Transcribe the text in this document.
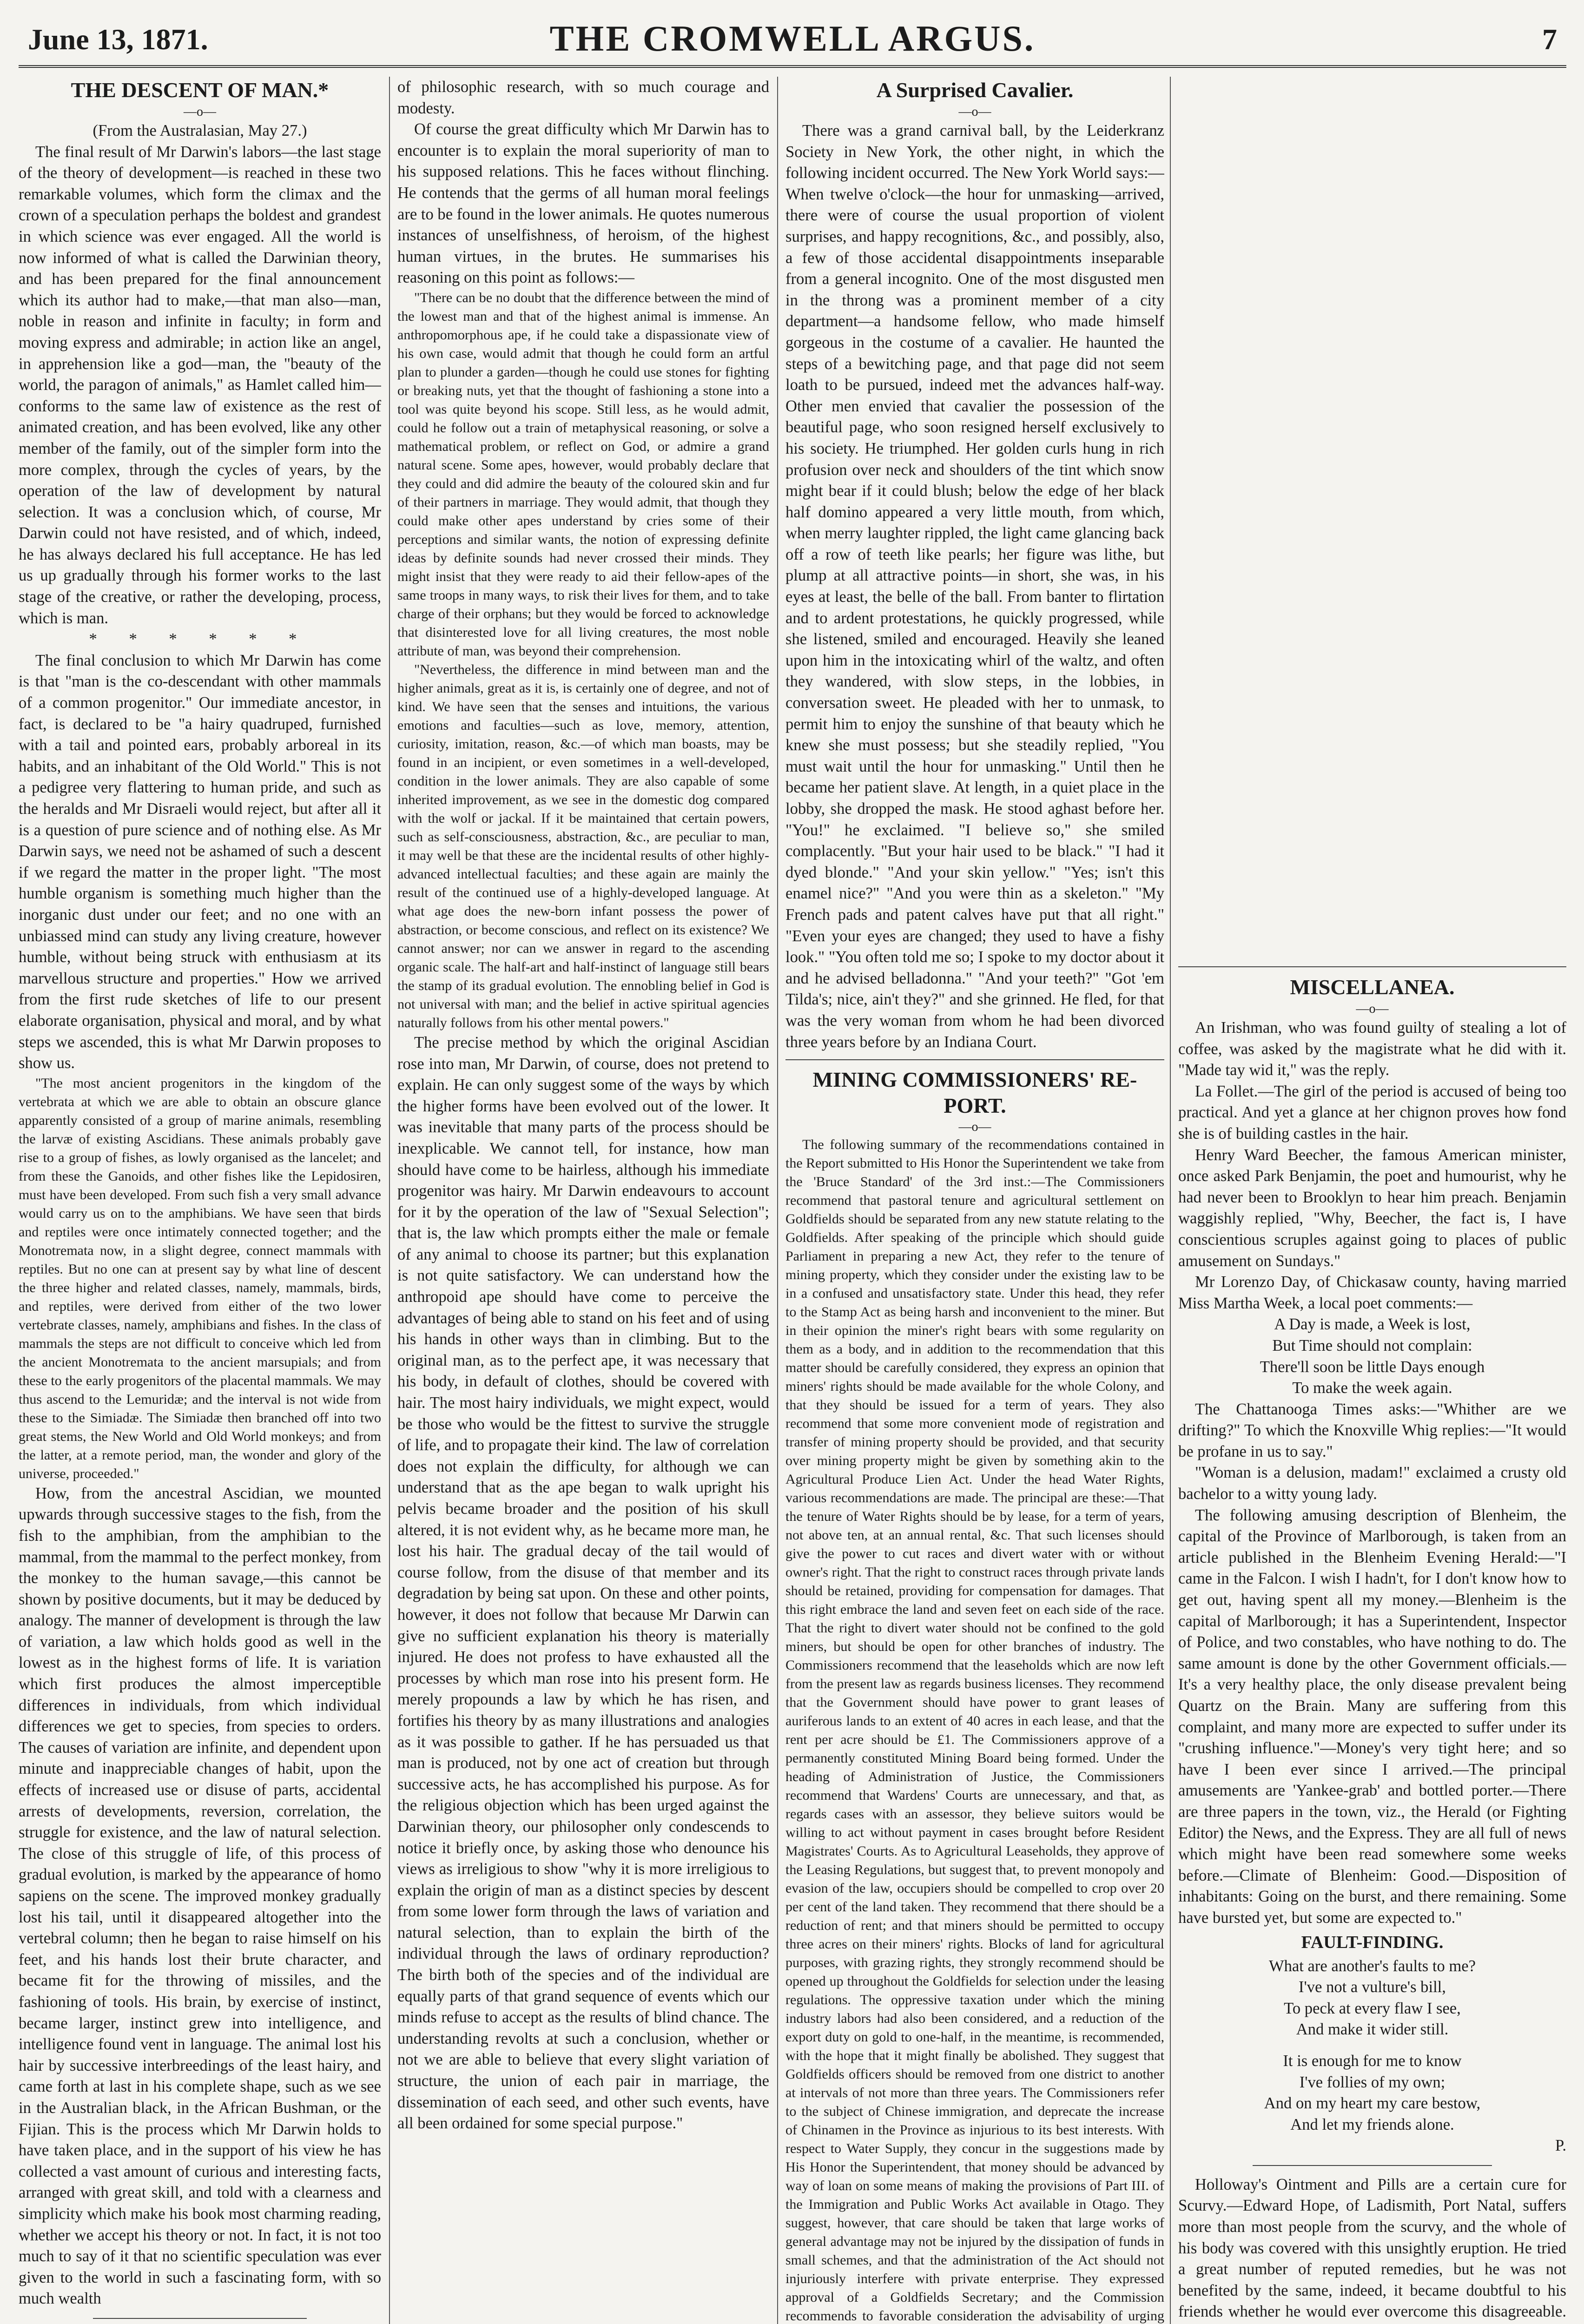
June 13, 1871.	THE CROMWELL ARGUS.	7

THE DESCENT OF MAN.*

—o—

(From the Australasian, May 27.)

The final result of Mr Darwin's labors—the last stage of the theory of development—is reached in these two remarkable volumes, which form the climax and the crown of a speculation perhaps the boldest and grandest in which science was ever engaged. All the world is now informed of what is called the Darwinian theory, and has been prepared for the final announcement which its author had to make,—that man also—man, noble in reason and infinite in faculty; in form and moving express and admirable; in action like an angel, in apprehension like a god—man, the "beauty of the world, the paragon of animals," as Hamlet called him—conforms to the same law of existence as the rest of animated creation, and has been evolved, like any other member of the family, out of the simpler form into the more complex, through the cycles of years, by the operation of the law of development by natural selection. It was a conclusion which, of course, Mr Darwin could not have resisted, and of which, indeed, he has always declared his full acceptance. He has led us up gradually through his former works to the last stage of the creative, or rather the developing, process, which is man.

* * * * * *

The final conclusion to which Mr Darwin has come is that "man is the co-descendant with other mammals of a common progenitor." Our immediate ancestor, in fact, is declared to be "a hairy quadruped, furnished with a tail and pointed ears, probably arboreal in its habits, and an inhabitant of the Old World." This is not a pedigree very flattering to human pride, and such as the heralds and Mr Disraeli would reject, but after all it is a question of pure science and of nothing else. As Mr Darwin says, we need not be ashamed of such a descent if we regard the matter in the proper light. "The most humble organism is something much higher than the inorganic dust under our feet; and no one with an unbiassed mind can study any living creature, however humble, without being struck with enthusiasm at its marvellous structure and properties." How we arrived from the first rude sketches of life to our present elaborate organisation, physical and moral, and by what steps we ascended, this is what Mr Darwin proposes to show us.

"The most ancient progenitors in the kingdom of the vertebrata at which we are able to obtain an obscure glance apparently consisted of a group of marine animals, resembling the larvæ of existing Ascidians. These animals probably gave rise to a group of fishes, as lowly organised as the lancelet; and from these the Ganoids, and other fishes like the Lepidosiren, must have been developed. From such fish a very small advance would carry us on to the amphibians. We have seen that birds and reptiles were once intimately connected together; and the Monotremata now, in a slight degree, connect mammals with reptiles. But no one can at present say by what line of descent the three higher and related classes, namely, mammals, birds, and reptiles, were derived from either of the two lower vertebrate classes, namely, amphibians and fishes. In the class of mammals the steps are not difficult to conceive which led from the ancient Monotremata to the ancient marsupials; and from these to the early progenitors of the placental mammals. We may thus ascend to the Lemuridæ; and the interval is not wide from these to the Simiadæ. The Simiadæ then branched off into two great stems, the New World and Old World monkeys; and from the latter, at a remote period, man, the wonder and glory of the universe, proceeded."

How, from the ancestral Ascidian, we mounted upwards through successive stages to the fish, from the fish to the amphibian, from the amphibian to the mammal, from the mammal to the perfect monkey, from the monkey to the human savage,—this cannot be shown by positive documents, but it may be deduced by analogy. The manner of development is through the law of variation, a law which holds good as well in the lowest as in the highest forms of life. It is variation which first produces the almost imperceptible differences in individuals, from which individual differences we get to species, from species to orders. The causes of variation are infinite, and dependent upon minute and inappreciable changes of habit, upon the effects of increased use or disuse of parts, accidental arrests of developments, reversion, correlation, the struggle for existence, and the law of natural selection. The close of this struggle of life, of this process of gradual evolution, is marked by the appearance of homo sapiens on the scene. The improved monkey gradually lost his tail, until it disappeared altogether into the vertebral column; then he began to raise himself on his feet, and his hands lost their brute character, and became fit for the throwing of missiles, and the fashioning of tools. His brain, by exercise of instinct, became larger, instinct grew into intelligence, and intelligence found vent in language. The animal lost his hair by successive interbreedings of the least hairy, and came forth at last in his complete shape, such as we see in the Australian black, in the African Bushman, or the Fijian. This is the process which Mr Darwin holds to have taken place, and in the support of his view he has collected a vast amount of curious and interesting facts, arranged with great skill, and told with a clearness and simplicity which make his book most charming reading, whether we accept his theory or not. In fact, it is not too much to say of it that no scientific speculation was ever given to the world in such a fascinating form, with so much wealth

of philosophic research, with so much courage and modesty.

Of course the great difficulty which Mr Darwin has to encounter is to explain the moral superiority of man to his supposed relations. This he faces without flinching. He contends that the germs of all human moral feelings are to be found in the lower animals. He quotes numerous instances of unselfishness, of heroism, of the highest human virtues, in the brutes. He summarises his reasoning on this point as follows:—

"There can be no doubt that the difference between the mind of the lowest man and that of the highest animal is immense. An anthropomorphous ape, if he could take a dispassionate view of his own case, would admit that though he could form an artful plan to plunder a garden—though he could use stones for fighting or breaking nuts, yet that the thought of fashioning a stone into a tool was quite beyond his scope. Still less, as he would admit, could he follow out a train of metaphysical reasoning, or solve a mathematical problem, or reflect on God, or admire a grand natural scene. Some apes, however, would probably declare that they could and did admire the beauty of the coloured skin and fur of their partners in marriage. They would admit, that though they could make other apes understand by cries some of their perceptions and similar wants, the notion of expressing definite ideas by definite sounds had never crossed their minds. They might insist that they were ready to aid their fellow-apes of the same troops in many ways, to risk their lives for them, and to take charge of their orphans; but they would be forced to acknowledge that disinterested love for all living creatures, the most noble attribute of man, was beyond their comprehension.

"Nevertheless, the difference in mind between man and the higher animals, great as it is, is certainly one of degree, and not of kind. We have seen that the senses and intuitions, the various emotions and faculties—such as love, memory, attention, curiosity, imitation, reason, &c.—of which man boasts, may be found in an incipient, or even sometimes in a well-developed, condition in the lower animals. They are also capable of some inherited improvement, as we see in the domestic dog compared with the wolf or jackal. If it be maintained that certain powers, such as self-consciousness, abstraction, &c., are peculiar to man, it may well be that these are the incidental results of other highly-advanced intellectual faculties; and these again are mainly the result of the continued use of a highly-developed language. At what age does the new-born infant possess the power of abstraction, or become conscious, and reflect on its existence? We cannot answer; nor can we answer in regard to the ascending organic scale. The half-art and half-instinct of language still bears the stamp of its gradual evolution. The ennobling belief in God is not universal with man; and the belief in active spiritual agencies naturally follows from his other mental powers."

The precise method by which the original Ascidian rose into man, Mr Darwin, of course, does not pretend to explain. He can only suggest some of the ways by which the higher forms have been evolved out of the lower. It was inevitable that many parts of the process should be inexplicable. We cannot tell, for instance, how man should have come to be hairless, although his immediate progenitor was hairy. Mr Darwin endeavours to account for it by the operation of the law of "Sexual Selection"; that is, the law which prompts either the male or female of any animal to choose its partner; but this explanation is not quite satisfactory. We can understand how the anthropoid ape should have come to perceive the advantages of being able to stand on his feet and of using his hands in other ways than in climbing. But to the original man, as to the perfect ape, it was necessary that his body, in default of clothes, should be covered with hair. The most hairy individuals, we might expect, would be those who would be the fittest to survive the struggle of life, and to propagate their kind. The law of correlation does not explain the difficulty, for although we can understand that as the ape began to walk upright his pelvis became broader and the position of his skull altered, it is not evident why, as he became more man, he lost his hair. The gradual decay of the tail would of course follow, from the disuse of that member and its degradation by being sat upon. On these and other points, however, it does not follow that because Mr Darwin can give no sufficient explanation his theory is materially injured. He does not profess to have exhausted all the processes by which man rose into his present form. He merely propounds a law by which he has risen, and fortifies his theory by as many illustrations and analogies as it was possible to gather. If he has persuaded us that man is produced, not by one act of creation but through successive acts, he has accomplished his purpose. As for the religious objection which has been urged against the Darwinian theory, our philosopher only condescends to notice it briefly once, by asking those who denounce his views as irreligious to show "why it is more irreligious to explain the origin of man as a distinct species by descent from some lower form through the laws of variation and natural selection, than to explain the birth of the individual through the laws of ordinary reproduction? The birth both of the species and of the individual are equally parts of that grand sequence of events which our minds refuse to accept as the results of blind chance. The understanding revolts at such a conclusion, whether or not we are able to believe that every slight variation of structure, the union of each pair in marriage, the dissemination of each seed, and other such events, have all been ordained for some special purpose."

A Surprised Cavalier.

—o—

There was a grand carnival ball, by the Leiderkranz Society in New York, the other night, in which the following incident occurred. The New York World says:—When twelve o'clock—the hour for unmasking—arrived, there were of course the usual proportion of violent surprises, and happy recognitions, &c., and possibly, also, a few of those accidental disappointments inseparable from a general incognito. One of the most disgusted men in the throng was a prominent member of a city department—a handsome fellow, who made himself gorgeous in the costume of a cavalier. He haunted the steps of a bewitching page, and that page did not seem loath to be pursued, indeed met the advances half-way. Other men envied that cavalier the possession of the beautiful page, who soon resigned herself exclusively to his society. He triumphed. Her golden curls hung in rich profusion over neck and shoulders of the tint which snow might bear if it could blush; below the edge of her black half domino appeared a very little mouth, from which, when merry laughter rippled, the light came glancing back off a row of teeth like pearls; her figure was lithe, but plump at all attractive points—in short, she was, in his eyes at least, the belle of the ball. From banter to flirtation and to ardent protestations, he quickly progressed, while she listened, smiled and encouraged. Heavily she leaned upon him in the intoxicating whirl of the waltz, and often they wandered, with slow steps, in the lobbies, in conversation sweet. He pleaded with her to unmask, to permit him to enjoy the sunshine of that beauty which he knew she must possess; but she steadily replied, "You must wait until the hour for unmasking." Until then he became her patient slave. At length, in a quiet place in the lobby, she dropped the mask. He stood aghast before her. "You!" he exclaimed. "I believe so," she smiled complacently. "But your hair used to be black." "I had it dyed blonde." "And your skin yellow." "Yes; isn't this enamel nice?" "And you were thin as a skeleton." "My French pads and patent calves have put that all right." "Even your eyes are changed; they used to have a fishy look." "You often told me so; I spoke to my doctor about it and he advised belladonna." "And your teeth?" "Got 'em Tilda's; nice, ain't they?" and she grinned. He fled, for that was the very woman from whom he had been divorced three years before by an Indiana Court.

MINING COMMISSIONERS' RE-
PORT.

—o—

The following summary of the recommendations contained in the Report submitted to His Honor the Superintendent we take from the 'Bruce Standard' of the 3rd inst.:—The Commissioners recommend that pastoral tenure and agricultural settlement on Goldfields should be separated from any new statute relating to the Goldfields. After speaking of the principle which should guide Parliament in preparing a new Act, they refer to the tenure of mining property, which they consider under the existing law to be in a confused and unsatisfactory state. Under this head, they refer to the Stamp Act as being harsh and inconvenient to the miner. But in their opinion the miner's right bears with some regularity on them as a body, and in addition to the recommendation that this matter should be carefully considered, they express an opinion that miners' rights should be made available for the whole Colony, and that they should be issued for a term of years. They also recommend that some more convenient mode of registration and transfer of mining property should be provided, and that security over mining property might be given by something akin to the Agricultural Produce Lien Act. Under the head Water Rights, various recommendations are made. The principal are these:—That the tenure of Water Rights should be by lease, for a term of years, not above ten, at an annual rental, &c. That such licenses should give the power to cut races and divert water with or without owner's right. That the right to construct races through private lands should be retained, providing for compensation for damages. That this right embrace the land and seven feet on each side of the race. That the right to divert water should not be confined to the gold miners, but should be open for other branches of industry. The Commissioners recommend that the leaseholds which are now left from the present law as regards business licenses. They recommend that the Government should have power to grant leases of auriferous lands to an extent of 40 acres in each lease, and that the rent per acre should be £1. The Commissioners approve of a permanently constituted Mining Board being formed. Under the heading of Administration of Justice, the Commissioners recommend that Wardens' Courts are unnecessary, and that, as regards cases with an assessor, they believe suitors would be willing to act without payment in cases brought before Resident Magistrates' Courts. As to Agricultural Leaseholds, they approve of the Leasing Regulations, but suggest that, to prevent monopoly and evasion of the law, occupiers should be compelled to crop over 20 per cent of the land taken. They recommend that there should be a reduction of rent; and that miners should be permitted to occupy three acres on their miners' rights. Blocks of land for agricultural purposes, with grazing rights, they strongly recommend should be opened up throughout the Goldfields for selection under the leasing regulations. The oppressive taxation under which the mining industry labors had also been considered, and a reduction of the export duty on gold to one-half, in the meantime, is recommended, with the hope that it might finally be abolished. They suggest that Goldfields officers should be removed from one district to another at intervals of not more than three years. The Commissioners refer to the subject of Chinese immigration, and deprecate the increase of Chinamen in the Province as injurious to its best interests. With respect to Water Supply, they concur in the suggestions made by His Honor the Superintendent, that money should be advanced by way of loan on some means of making the provisions of Part III. of the Immigration and Public Works Act available in Otago. They suggest, however, that care should be taken that large works of general advantage may not be injured by the dissipation of funds in small schemes, and that the administration of the Act should not injuriously interfere with private enterprise. They expressed approval of a Goldfields Secretary; and the Commission recommends to favorable consideration the advisability of urging

MISCELLANEA.

—o—

An Irishman, who was found guilty of stealing a lot of coffee, was asked by the magistrate what he did with it. "Made tay wid it," was the reply.

La Follet.—The girl of the period is accused of being too practical. And yet a glance at her chignon proves how fond she is of building castles in the hair.

Henry Ward Beecher, the famous American minister, once asked Park Benjamin, the poet and humourist, why he had never been to Brooklyn to hear him preach. Benjamin waggishly replied, "Why, Beecher, the fact is, I have conscientious scruples against going to places of public amusement on Sundays."

Mr Lorenzo Day, of Chickasaw county, having married Miss Martha Week, a local poet comments:—

A Day is made, a Week is lost,

But Time should not complain:

There'll soon be little Days enough

To make the week again.

The Chattanooga Times asks:—"Whither are we drifting?" To which the Knoxville Whig replies:—"It would be profane in us to say."

"Woman is a delusion, madam!" exclaimed a crusty old bachelor to a witty young lady.

The following amusing description of Blenheim, the capital of the Province of Marlborough, is taken from an article published in the Blenheim Evening Herald:—"I came in the Falcon. I wish I hadn't, for I don't know how to get out, having spent all my money.—Blenheim is the capital of Marlborough; it has a Superintendent, Inspector of Police, and two constables, who have nothing to do. The same amount is done by the other Government officials.—It's a very healthy place, the only disease prevalent being Quartz on the Brain. Many are suffering from this complaint, and many more are expected to suffer under its "crushing influence."—Money's very tight here; and so have I been ever since I arrived.—The principal amusements are 'Yankee-grab' and bottled porter.—There are three papers in the town, viz., the Herald (or Fighting Editor) the News, and the Express. They are all full of news which might have been read somewhere some weeks before.—Climate of Blenheim: Good.—Disposition of inhabitants: Going on the burst, and there remaining. Some have bursted yet, but some are expected to."

FAULT-FINDING.

What are another's faults to me?

I've not a vulture's bill,

To peck at every flaw I see,

And make it wider still.

It is enough for me to know

I've follies of my own;

And on my heart my care bestow,

And let my friends alone.

P.

Holloway's Ointment and Pills are a certain cure for Scurvy.—Edward Hope, of Ladismith, Port Natal, suffers more than most people from the scurvy, and the whole of his body was covered with this unsightly eruption. He tried a great number of reputed remedies, but he was not benefited by the same, indeed, it became doubtful to his friends whether he would ever overcome this disagreeable.
